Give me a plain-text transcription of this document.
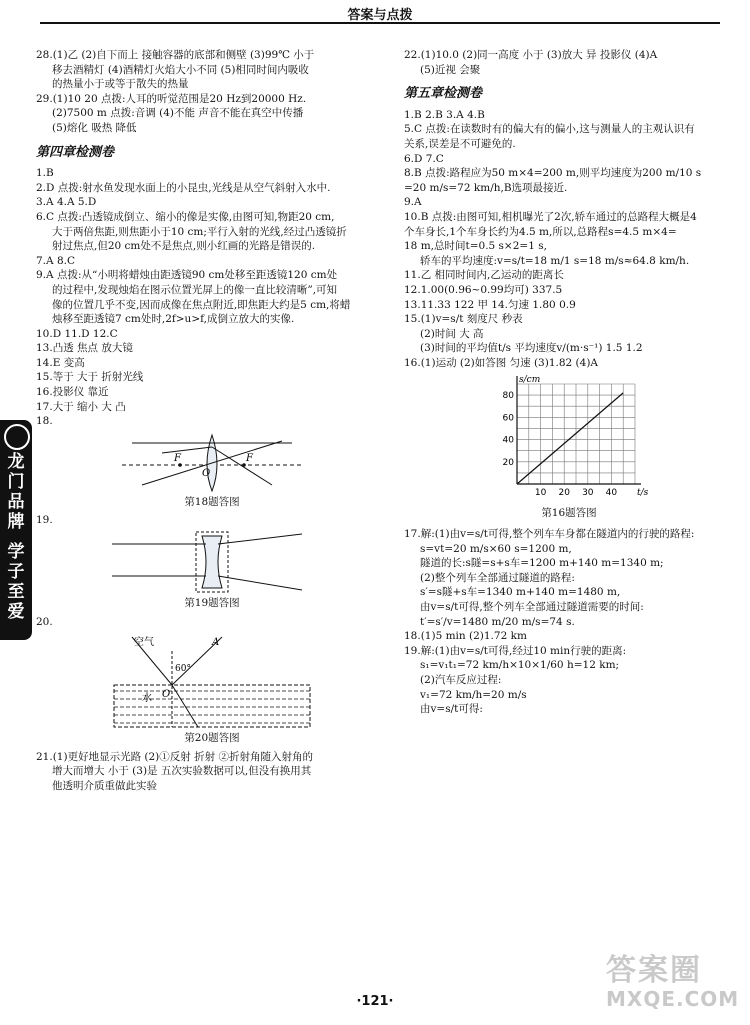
答案与点拨
龙
门
品
牌
学
子
至
爱
28.(1)乙 (2)自下而上 接触容器的底部和侧壁 (3)99℃ 小于
移去酒精灯 (4)酒精灯火焰大小不同 (5)相同时间内吸收
的热量小于或等于散失的热量
29.(1)10 20 点拨:人耳的听觉范围是20 Hz到20000 Hz.
(2)7500 m 点拨:音调 (4)不能 声音不能在真空中传播
(5)熔化 吸热 降低
第四章检测卷
1.B
2.D 点拨:射水鱼发现水面上的小昆虫,光线是从空气斜射入水中.
3.A 4.A 5.D
6.C 点拨:凸透镜成倒立、缩小的像是实像,由图可知,物距20 cm,
大于两倍焦距,则焦距小于10 cm;平行入射的光线,经过凸透镜折
射过焦点,但20 cm处不是焦点,则小红画的光路是错误的.
7.A 8.C
9.A 点拨:从“小明将蜡烛由距透镜90 cm处移至距透镜120 cm处
的过程中,发现烛焰在图示位置光屏上的像一直比较清晰”,可知
像的位置几乎不变,因而成像在焦点附近,即焦距大约是5 cm,将蜡
烛移至距透镜7 cm处时,2f>u>f,成倒立放大的实像.
10.D 11.D 12.C
13.凸透 焦点 放大镜
14.E 变高
15.等于 大于 折射光线
16.投影仪 靠近
17.大于 缩小 大 凸
18.
F	F
O
第18题答图
19.
第19题答图
20.
空气	A
60°
O
水
第20题答图
21.(1)更好地显示光路 (2)①反射 折射 ②折射角随入射角的
增大而增大 小于 (3)是 五次实验数据可以,但没有换用其
他透明介质重做此实验
22.(1)10.0 (2)同一高度 小于 (3)放大 异 投影仪 (4)A
(5)近视 会聚
第五章检测卷
1.B 2.B 3.A 4.B
5.C 点拨:在读数时有的偏大有的偏小,这与测量人的主观认识有
关系,误差是不可避免的.
6.D 7.C
8.B 点拨:路程应为50 m×4=200 m,则平均速度为200 m/10 s
=20 m/s=72 km/h,B选项最接近.
9.A
10.B 点拨:由图可知,相机曝光了2次,轿车通过的总路程大概是4
个车身长,1个车身长约为4.5 m,所以,总路程s=4.5 m×4=
18 m,总时间t=0.5 s×2=1 s,
轿车的平均速度:v=s/t=18 m/1 s=18 m/s≈64.8 km/h.
11.乙 相同时间内,乙运动的距离长
12.1.00(0.96~0.99均可) 337.5
13.11.33 122 甲 14.匀速 1.80 0.9
15.(1)v=s/t 刻度尺 秒表
(2)时间 大 高
(3)时间的平均值t/s 平均速度v/(m·s⁻¹) 1.5 1.2
16.(1)运动 (2)如答图 匀速 (3)1.82 (4)A
10 20 30 40
20
40
60
80
t/s
s/cm
第16题答图
17.解:(1)由v=s/t可得,整个列车车身都在隧道内的行驶的路程:
s=vt=20 m/s×60 s=1200 m,
隧道的长:s隧=s+s车=1200 m+140 m=1340 m;
(2)整个列车全部通过隧道的路程:
s′=s隧+s车=1340 m+140 m=1480 m,
由v=s/t可得,整个列车全部通过隧道需要的时间:
t′=s′/v=1480 m/20 m/s=74 s.
18.(1)5 min (2)1.72 km
19.解:(1)由v=s/t可得,经过10 min行驶的距离:
s₁=v₁t₁=72 km/h×10×1/60 h=12 km;
(2)汽车反应过程:
v₁=72 km/h=20 m/s
由v=s/t可得:
·121·
答案圈
MXQE.COM
